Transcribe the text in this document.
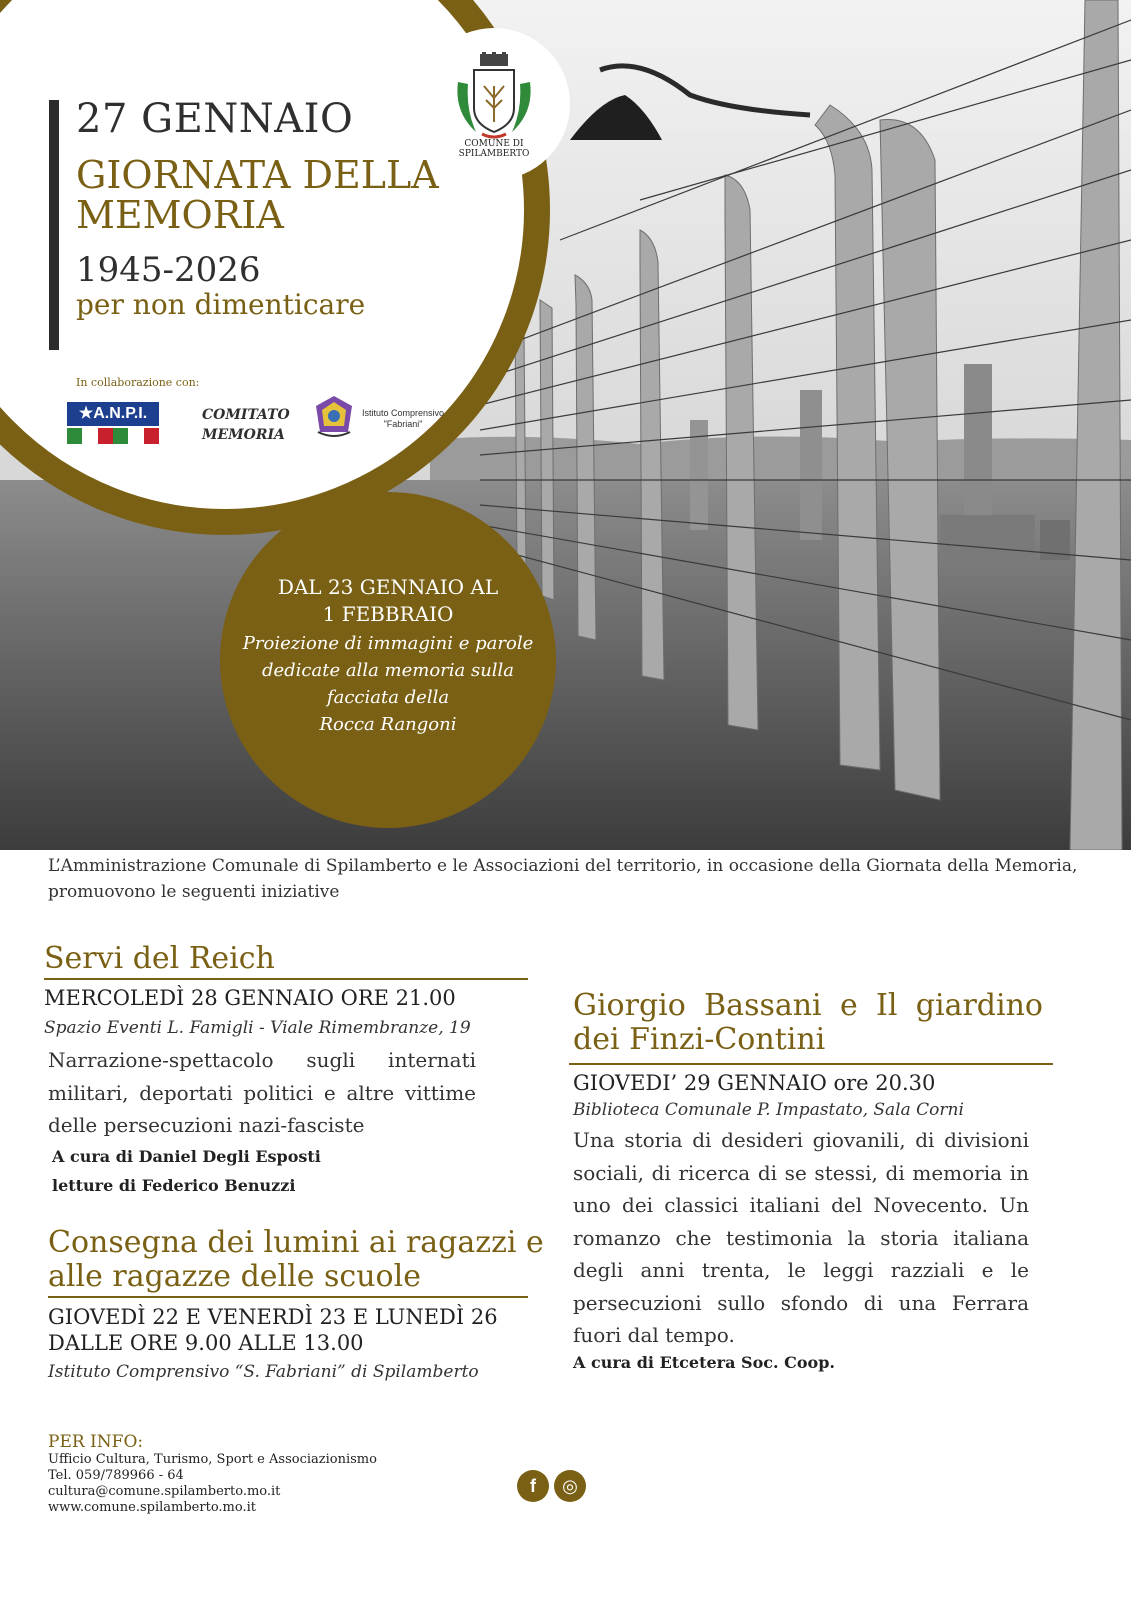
27 GENNAIO
GIORNATA DELLA MEMORIA
1945-2026
per non dimenticare
In collaborazione con:
★A.N.P.I.	COMITATO
MEMORIA
Istituto Comprensivo
"Fabriani"
COMUNE DI
SPILAMBERTO
DAL 23 GENNAIO AL
1 FEBBRAIO
Proiezione di immagini e parole
dedicate alla memoria sulla
facciata della
Rocca Rangoni
L’Amministrazione Comunale di Spilamberto e le Associazioni del territorio, in occasione della Giornata della Memoria, promuovono le seguenti iniziative
Servi del Reich
MERCOLEDÌ 28 GENNAIO ORE 21.00
Spazio Eventi L. Famigli - Viale Rimembranze, 19
Narrazione-spettacolo sugli internati militari, deportati politici e altre vittime delle persecuzioni nazi-fasciste
A cura di Daniel Degli Esposti
letture di Federico Benuzzi
Consegna dei lumini ai ragazzi e alle ragazze delle scuole
GIOVEDÌ 22 E VENERDÌ 23 E LUNEDÌ 26 DALLE ORE 9.00 ALLE 13.00
Istituto Comprensivo “S. Fabriani” di Spilamberto
Giorgio Bassani e Il giardino dei Finzi-Contini
GIOVEDI’ 29 GENNAIO ore 20.30
Biblioteca Comunale P. Impastato, Sala Corni
Una storia di desideri giovanili, di divisioni sociali, di ricerca di se stessi, di memoria in uno dei classici italiani del Novecento. Un romanzo che testimonia la storia italiana degli anni trenta, le leggi razziali e le persecuzioni sullo sfondo di una Ferrara fuori dal tempo.
A cura di Etcetera Soc. Coop.
PER INFO:
Ufficio Cultura, Turismo, Sport e Associazionismo
Tel. 059/789966 - 64
cultura@comune.spilamberto.mo.it
www.comune.spilamberto.mo.it
f	◎
